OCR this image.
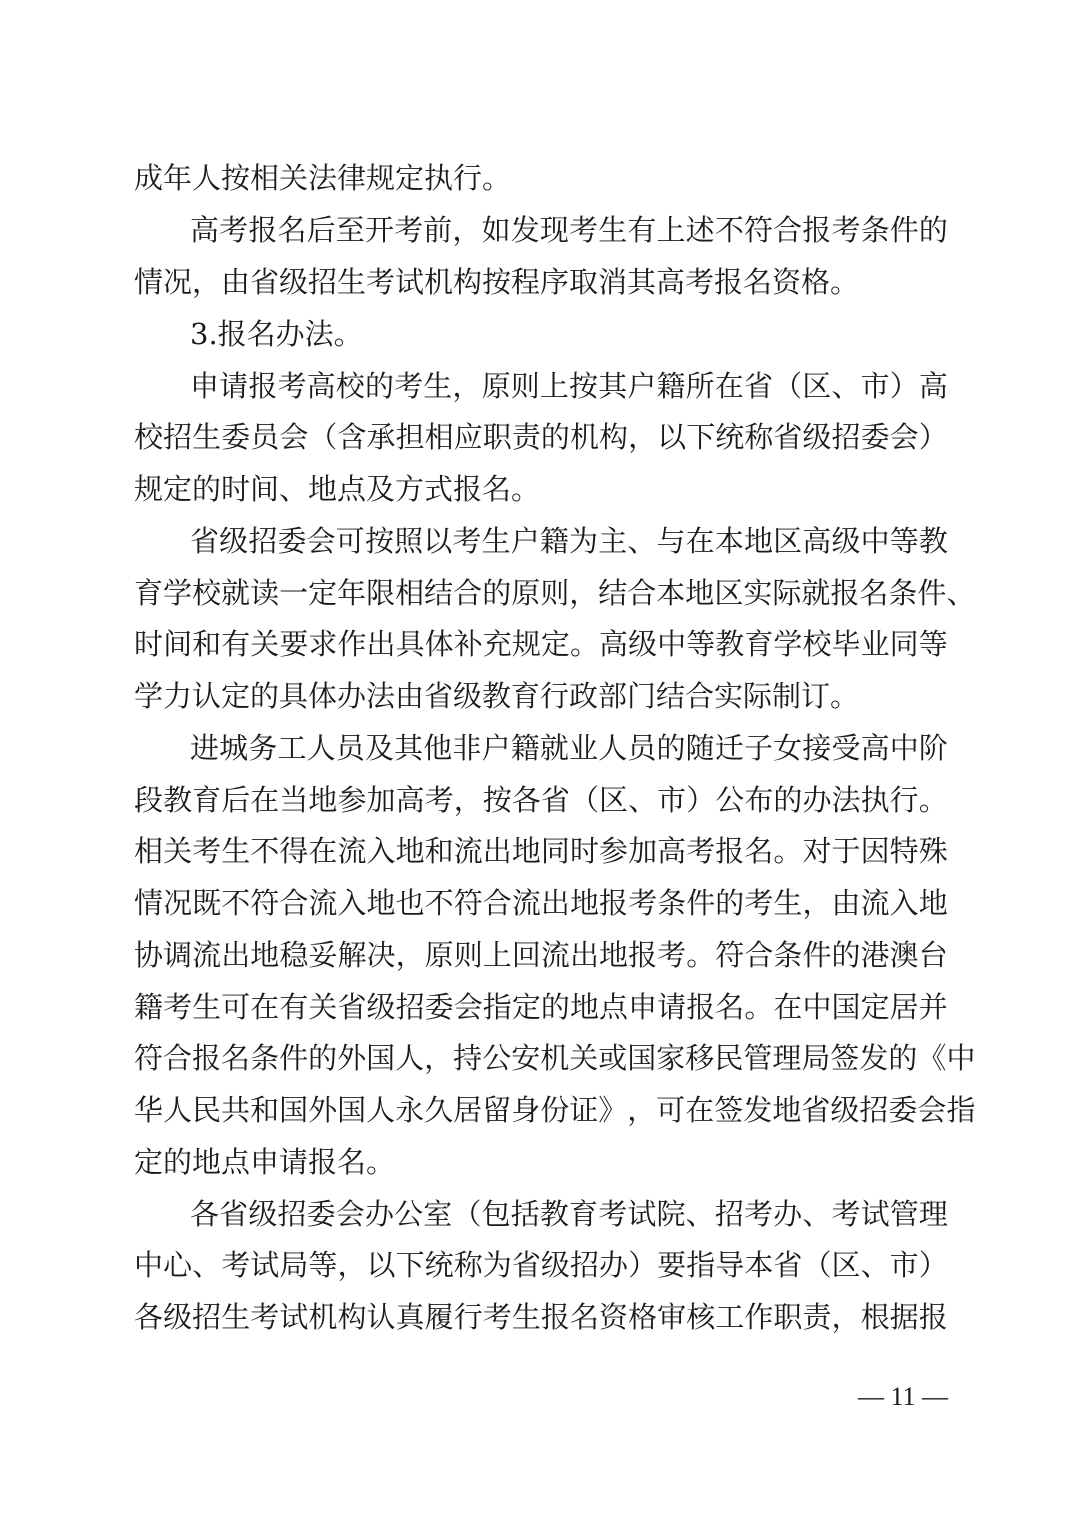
成年人按相关法律规定执行。
高 考 报 名 后 至 开 考 前 ， 如 发 现 考 生 有 上 述 不 符 合 报 考 条 件 的
情况，由省级招生考试机构按程序取消其高考报名资格。
3.报名办法。
申 请 报 考 高 校 的 考 生 ， 原 则 上 按 其 户 籍 所 在 省 （ 区 、 市 ） 高
校 招 生 委 员 会 （ 含 承 担 相 应 职 责 的 机 构 ， 以 下 统 称 省 级 招 委 会 ）
规定的时间、地点及方式报名。
省 级 招 委 会 可 按 照 以 考 生 户 籍 为 主 、 与 在 本 地 区 高 级 中 等 教
育 学 校 就 读 一 定 年 限 相 结 合 的 原 则 ， 结 合 本 地 区 实 际 就 报 名 条 件 、
时 间 和 有 关 要 求 作 出 具 体 补 充 规 定 。 高 级 中 等 教 育 学 校 毕 业 同 等
学力认定的具体办法由省级教育行政部门结合实际制订。
进 城 务 工 人 员 及 其 他 非 户 籍 就 业 人 员 的 随 迁 子 女 接 受 高 中 阶
段 教 育 后 在 当 地 参 加 高 考 ， 按 各 省 （ 区 、 市 ） 公 布 的 办 法 执 行 。
相 关 考 生 不 得 在 流 入 地 和 流 出 地 同 时 参 加 高 考 报 名 。 对 于 因 特 殊
情 况 既 不 符 合 流 入 地 也 不 符 合 流 出 地 报 考 条 件 的 考 生 ， 由 流 入 地
协 调 流 出 地 稳 妥 解 决 ， 原 则 上 回 流 出 地 报 考 。 符 合 条 件 的 港 澳 台
籍 考 生 可 在 有 关 省 级 招 委 会 指 定 的 地 点 申 请 报 名 。 在 中 国 定 居 并
符 合 报 名 条 件 的 外 国 人 ， 持 公 安 机 关 或 国 家 移 民 管 理 局 签 发 的 《 中
华 人 民 共 和 国 外 国 人 永 久 居 留 身 份 证 》 ， 可 在 签 发 地 省 级 招 委 会 指
定的地点申请报名。
各 省 级 招 委 会 办 公 室 （ 包 括 教 育 考 试 院 、 招 考 办 、 考 试 管 理
中 心 、 考 试 局 等 ， 以 下 统 称 为 省 级 招 办 ） 要 指 导 本 省 （ 区 、 市 ）
各 级 招 生 考 试 机 构 认 真 履 行 考 生 报 名 资 格 审 核 工 作 职 责 ， 根 据 报
— 11 —
